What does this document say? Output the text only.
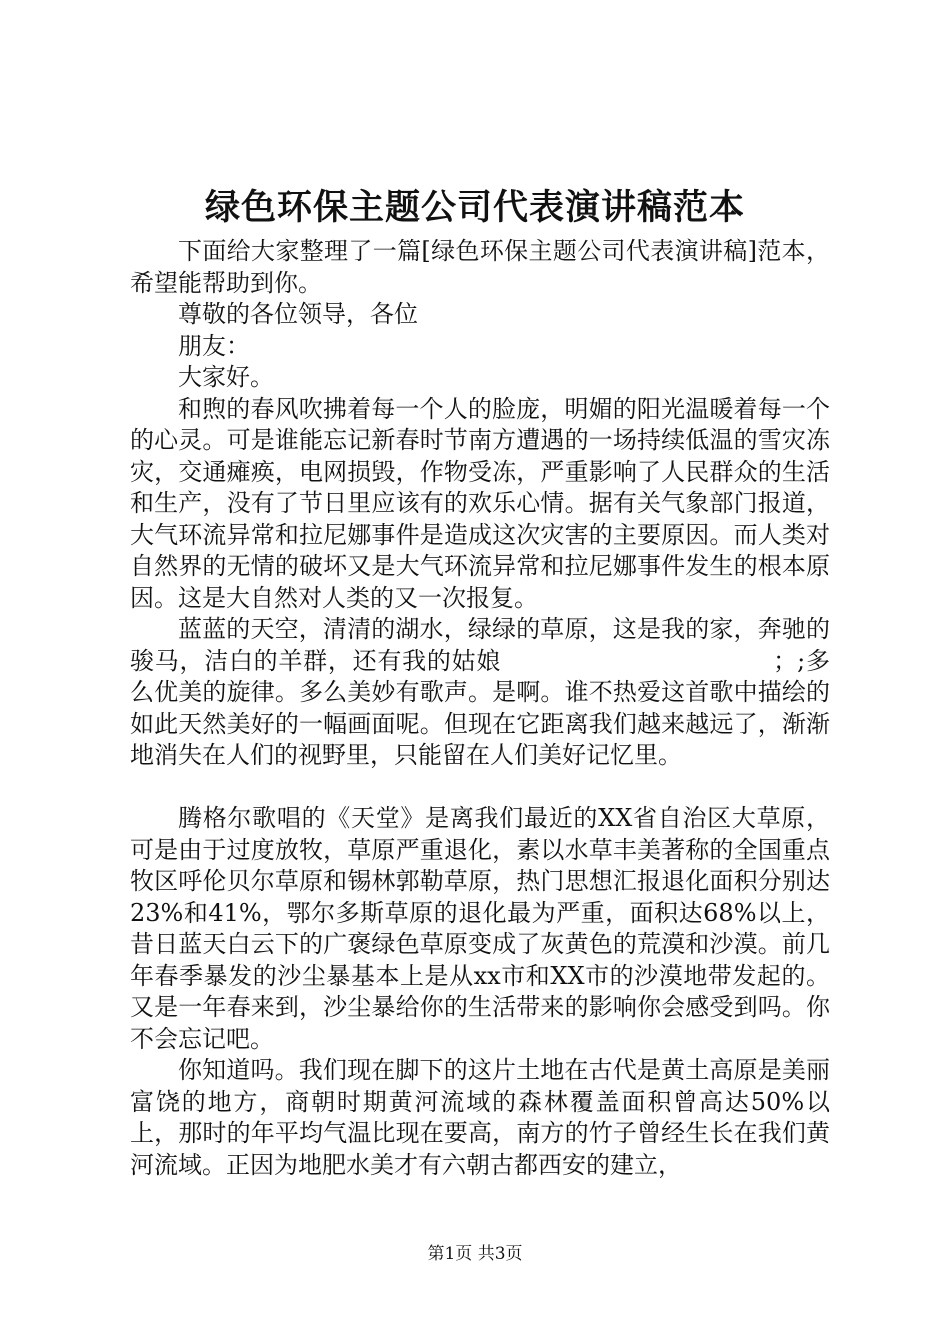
绿色环保主题公司代表演讲稿范本

下面给大家整理了一篇[绿色环保主题公司代表演讲稿]范本，希望能帮助到你。

尊敬的各位领导，各位

朋友：

大家好。

和煦的春风吹拂着每一个人的脸庞，明媚的阳光温暖着每一个的心灵。可是谁能忘记新春时节南方遭遇的一场持续低温的雪灾冻灾，交通瘫痪，电网损毁，作物受冻，严重影响了人民群众的生活和生产，没有了节日里应该有的欢乐心情。据有关气象部门报道，大气环流异常和拉尼娜事件是造成这次灾害的主要原因。而人类对自然界的无情的破坏又是大气环流异常和拉尼娜事件发生的根本原因。这是大自然对人类的又一次报复。

蓝蓝的天空，清清的湖水，绿绿的草原，这是我的家，奔驰的骏马，洁白的羊群，还有我的姑娘　　　　　　　　　　　；;多么优美的旋律。多么美妙有歌声。是啊。谁不热爱这首歌中描绘的如此天然美好的一幅画面呢。但现在它距离我们越来越远了，渐渐地消失在人们的视野里，只能留在人们美好记忆里。

腾格尔歌唱的《天堂》是离我们最近的XX省自治区大草原，可是由于过度放牧，草原严重退化，素以水草丰美著称的全国重点牧区呼伦贝尔草原和锡林郭勒草原，热门思想汇报退化面积分别达23%和41%，鄂尔多斯草原的退化最为严重，面积达68%以上，昔日蓝天白云下的广褒绿色草原变成了灰黄色的荒漠和沙漠。前几年春季暴发的沙尘暴基本上是从xx市和XX市的沙漠地带发起的。又是一年春来到，沙尘暴给你的生活带来的影响你会感受到吗。你不会忘记吧。

你知道吗。我们现在脚下的这片土地在古代是黄土高原是美丽富饶的地方，商朝时期黄河流域的森林覆盖面积曾高达50%以上，那时的年平均气温比现在要高，南方的竹子曾经生长在我们黄河流域。正因为地肥水美才有六朝古都西安的建立，

第1页 共3页
